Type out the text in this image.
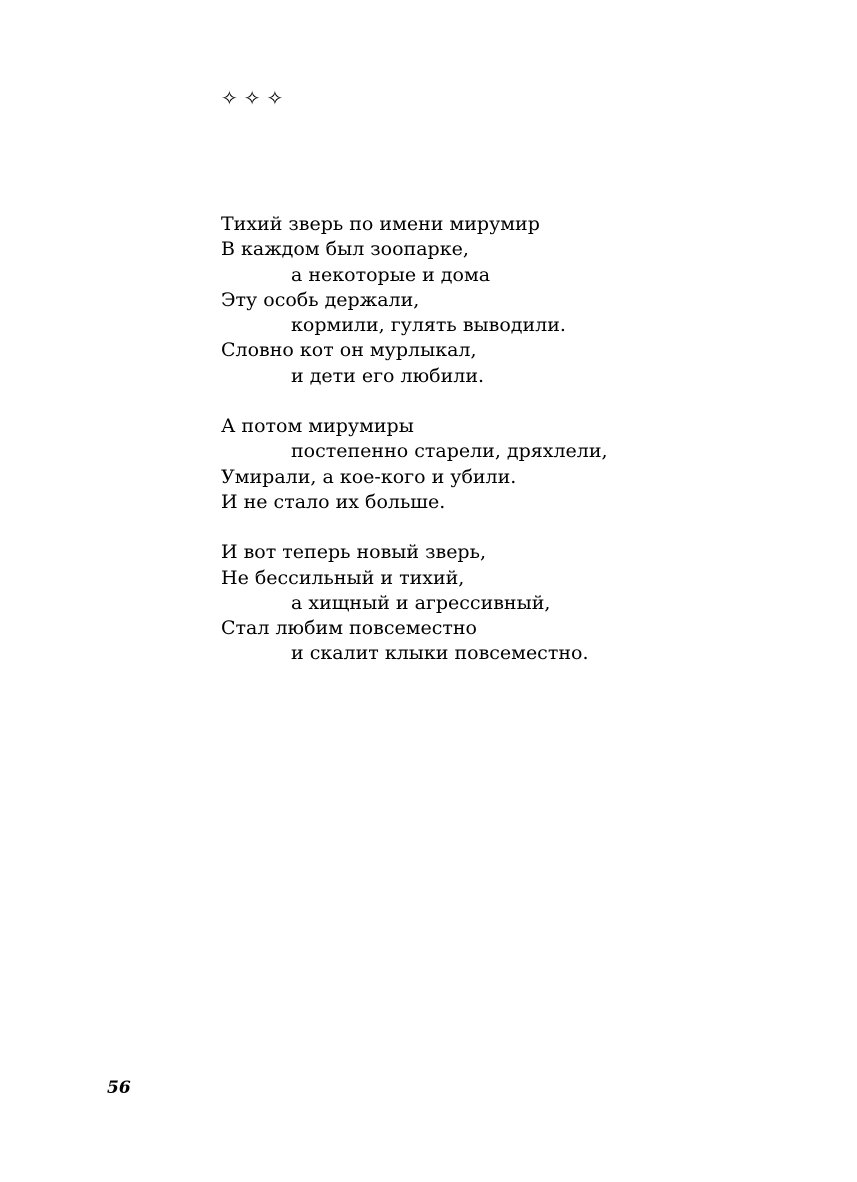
✧✧✧
Тихий зверь по имени мирумир
В каждом был зоопарке,
а некоторые и дома
Эту особь держали,
кормили, гулять выводили.
Словно кот он мурлыкал,
и дети его любили.
А потом мирумиры
постепенно старели, дряхлели,
Умирали, а кое-кого и убили.
И не стало их больше.
И вот теперь новый зверь,
Не бессильный и тихий,
а хищный и агрессивный,
Стал любим повсеместно
и скалит клыки повсеместно.
56
